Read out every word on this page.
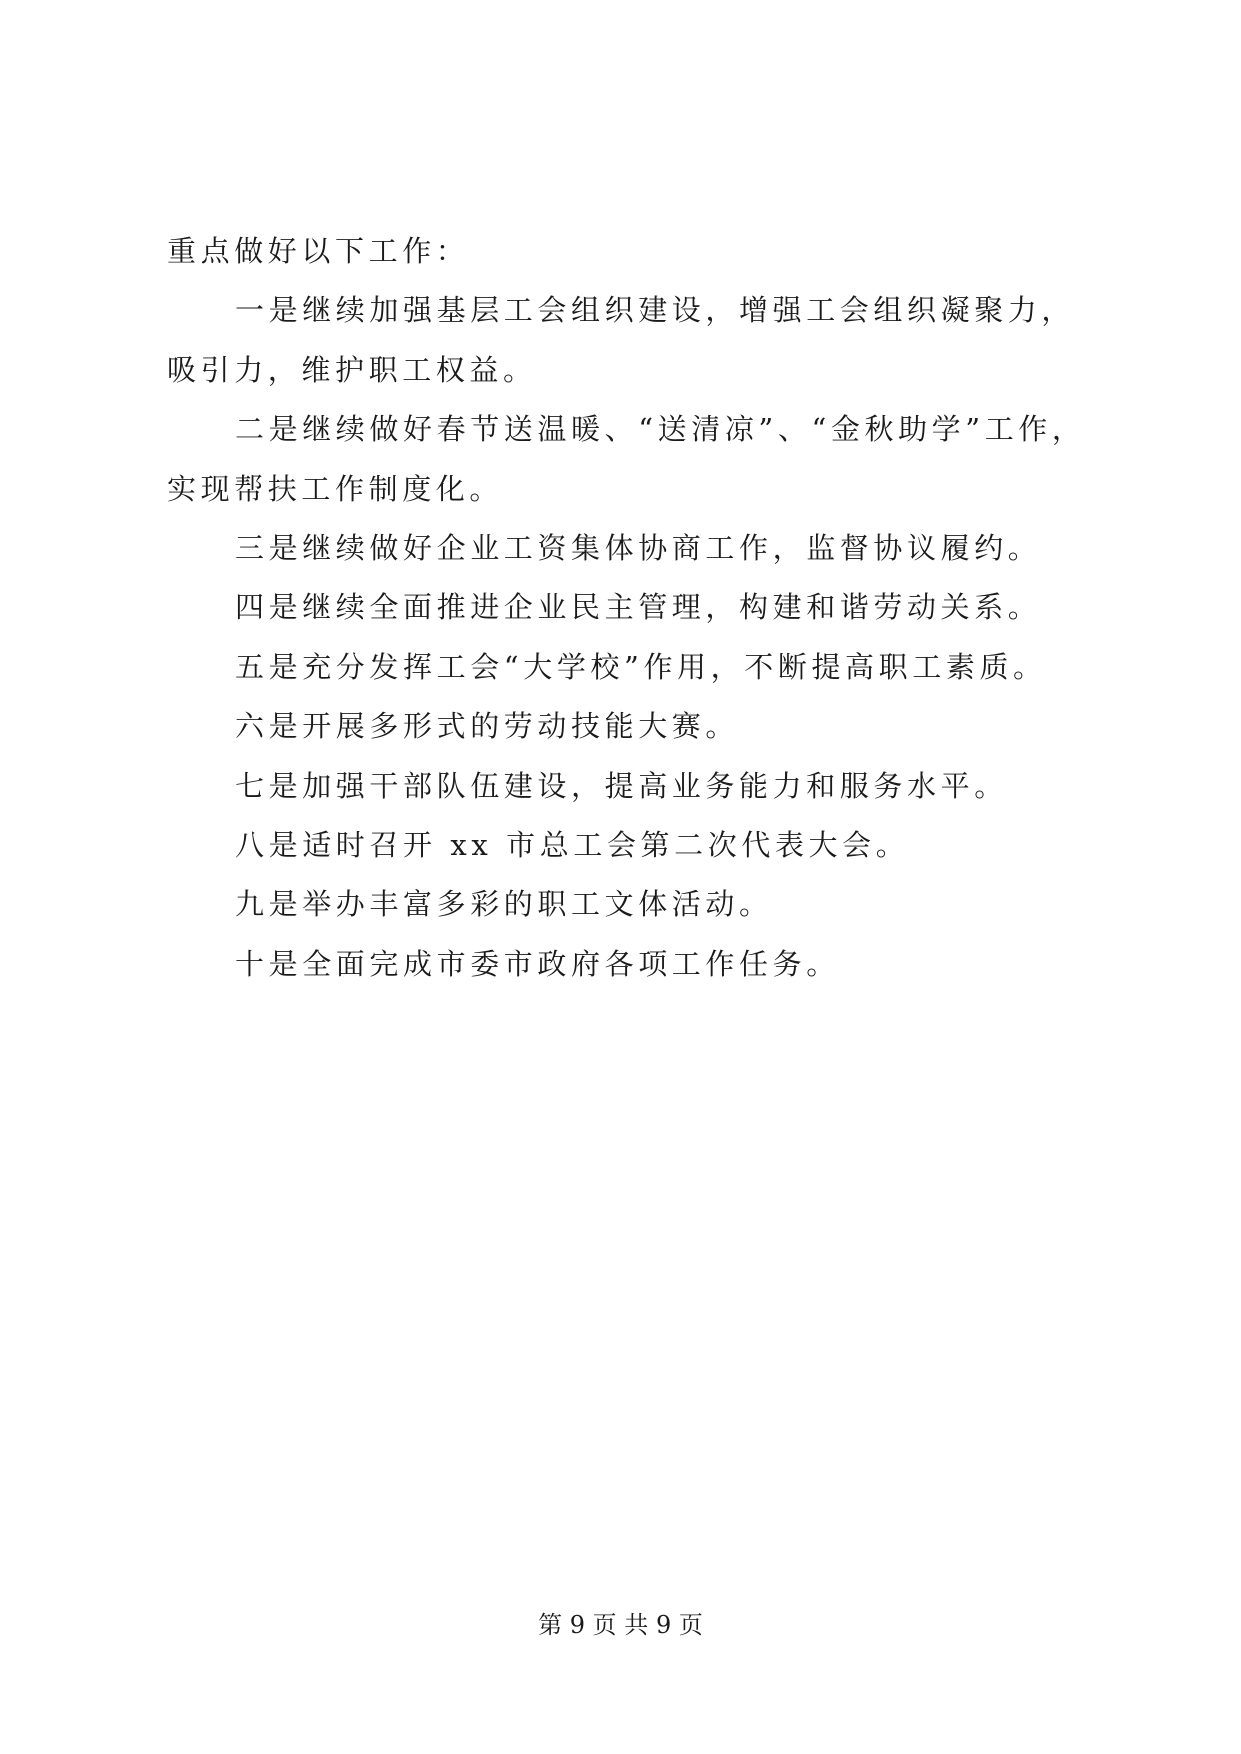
重点做好以下工作：

一是继续加强基层工会组织建设，增强工会组织凝聚力，吸引力，维护职工权益。

二是继续做好春节送温暖、“送清凉”、“金秋助学”工作，实现帮扶工作制度化。

三是继续做好企业工资集体协商工作，监督协议履约。

四是继续全面推进企业民主管理，构建和谐劳动关系。

五是充分发挥工会“大学校”作用，不断提高职工素质。

六是开展多形式的劳动技能大赛。

七是加强干部队伍建设，提高业务能力和服务水平。

八是适时召开 xx 市总工会第二次代表大会。

九是举办丰富多彩的职工文体活动。

十是全面完成市委市政府各项工作任务。

第 9 页 共 9 页
